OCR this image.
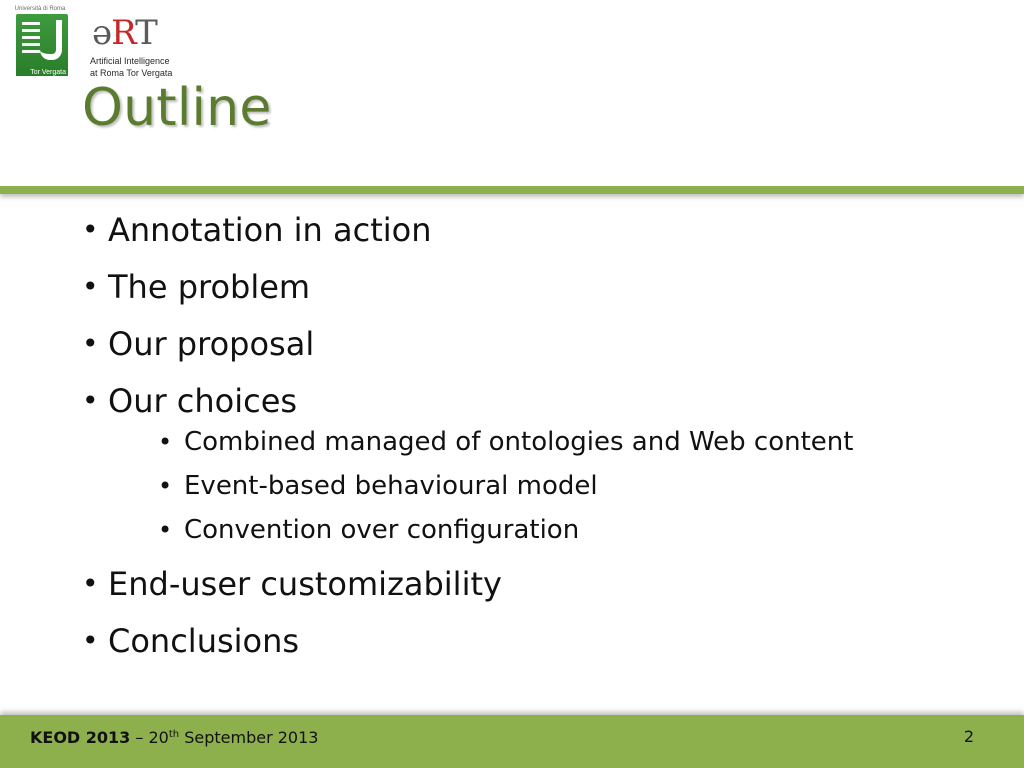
Università di Roma
Tor Vergata
əRT
Artificial Intelligence
at Roma Tor Vergata
Outline
• Annotation in action
• The problem
• Our proposal
• Our choices
• Combined managed of ontologies and Web content
• Event-based behavioural model
• Convention over configuration
• End-user customizability
• Conclusions
KEOD 2013 – 20th September 2013	2
